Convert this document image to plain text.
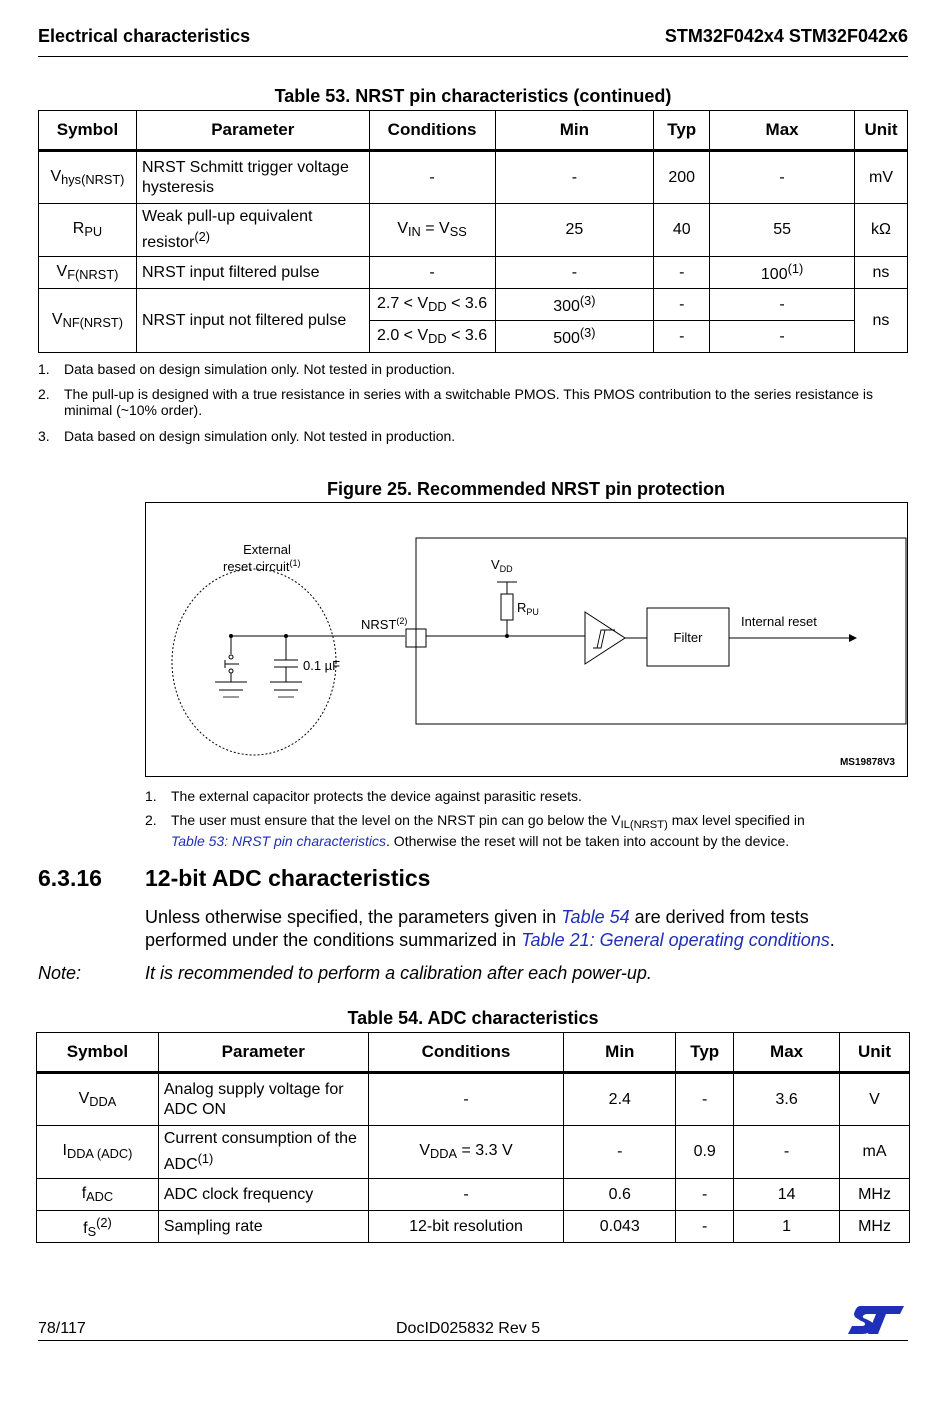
Electrical characteristics	STM32F042x4 STM32F042x6
Table 53. NRST pin characteristics (continued)
Symbol	Parameter	Conditions	Min	Typ	Max	Unit
$V_{hys(NRST)}$	NRST Schmitt trigger voltage hysteresis	-	-	200	-	mV
$R_{PU}$	Weak pull-up equivalent resistor$^{(2)}$	$V_{IN} = V_{SS}$	25	40	55	kΩ
$V_{F(NRST)}$	NRST input filtered pulse	-	-	-	100$^{(1)}$	ns
$V_{NF(NRST)}$	NRST input not filtered pulse	$2.7 < V_{DD} < 3.6$	300$^{(3)}$	-	-	ns
		$2.0 < V_{DD} < 3.6$	500$^{(3)}$	-	-	
1. Data based on design simulation only. Not tested in production.
2. The pull-up is designed with a true resistance in series with a switchable PMOS. This PMOS contribution to the series resistance is minimal (~10% order).
3. Data based on design simulation only. Not tested in production.
Figure 25. Recommended NRST pin protection
External
reset circuit$^{(1)}$
0.1 µF
NRST$^{(2)}$
$V_{DD}$
$R_{PU}$
Filter
Internal reset
MS19878V3
1. The external capacitor protects the device against parasitic resets.
2. The user must ensure that the level on the NRST pin can go below the $V_{IL(NRST)}$ max level specified in
Table 53: NRST pin characteristics. Otherwise the reset will not be taken into account by the device.
6.3.16 12-bit ADC characteristics
Unless otherwise specified, the parameters given in Table 54 are derived from tests
performed under the conditions summarized in Table 21: General operating conditions.
Note:	It is recommended to perform a calibration after each power-up.
Table 54. ADC characteristics
Symbol	Parameter	Conditions	Min	Typ	Max	Unit
$V_{DDA}$	Analog supply voltage for ADC ON	-	2.4	-	3.6	V
$I_{DDA (ADC)}$	Current consumption of the ADC$^{(1)}$	$V_{DDA} = 3.3$ V	-	0.9	-	mA
$f_{ADC}$	ADC clock frequency	-	0.6	-	14	MHz
$f_S^{(2)}$	Sampling rate	12-bit resolution	0.043	-	1	MHz
78/117	DocID025832 Rev 5
